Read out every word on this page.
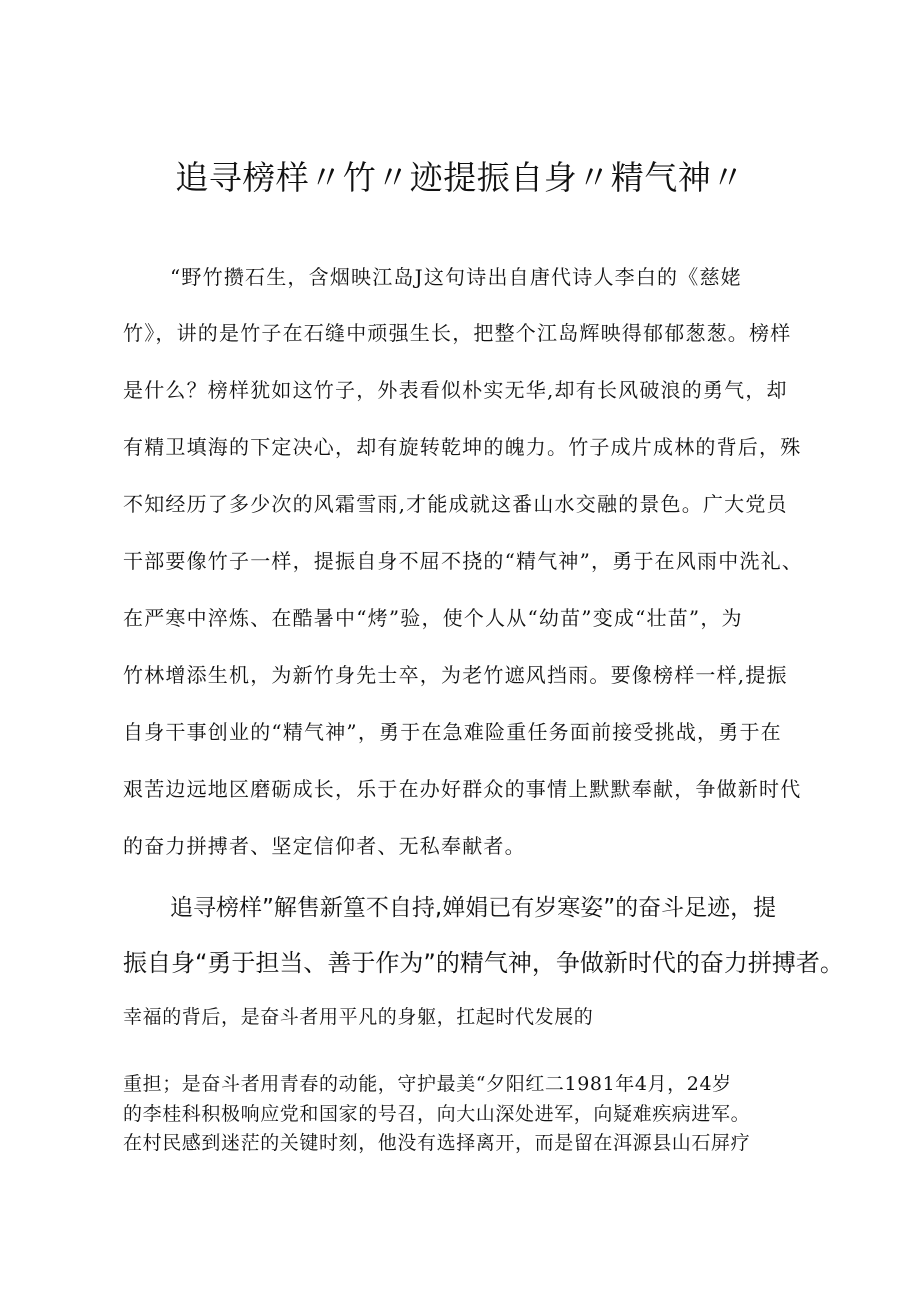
追寻榜样〃竹〃迹提振自身〃精气神〃

“野竹攒石生，含烟映江岛J这句诗出自唐代诗人李白的《慈姥

竹》，讲的是竹子在石缝中顽强生长，把整个江岛辉映得郁郁葱葱。榜样

是什么？榜样犹如这竹子，外表看似朴实无华,却有长风破浪的勇气，却

有精卫填海的下定决心，却有旋转乾坤的魄力。竹子成片成林的背后，殊

不知经历了多少次的风霜雪雨,才能成就这番山水交融的景色。广大党员

干部要像竹子一样，提振自身不屈不挠的“精气神”，勇于在风雨中洗礼、

在严寒中淬炼、在酷暑中“烤”验，使个人从“幼苗”变成“壮苗”，为

竹林增添生机，为新竹身先士卒，为老竹遮风挡雨。要像榜样一样,提振

自身干事创业的“精气神”，勇于在急难险重任务面前接受挑战，勇于在

艰苦边远地区磨砺成长，乐于在办好群众的事情上默默奉献，争做新时代

的奋力拼搏者、坚定信仰者、无私奉献者。

追寻榜样”解售新篁不自持,婵娟已有岁寒姿”的奋斗足迹，提

振自身“勇于担当、善于作为”的精气神，争做新时代的奋力拼搏者。

幸福的背后，是奋斗者用平凡的身躯，扛起时代发展的

重担；是奋斗者用青春的动能，守护最美“夕阳红二1981年4月，24岁

的李桂科积极响应党和国家的号召，向大山深处进军，向疑难疾病进军。

在村民感到迷茫的关键时刻，他没有选择离开，而是留在洱源县山石屏疗
